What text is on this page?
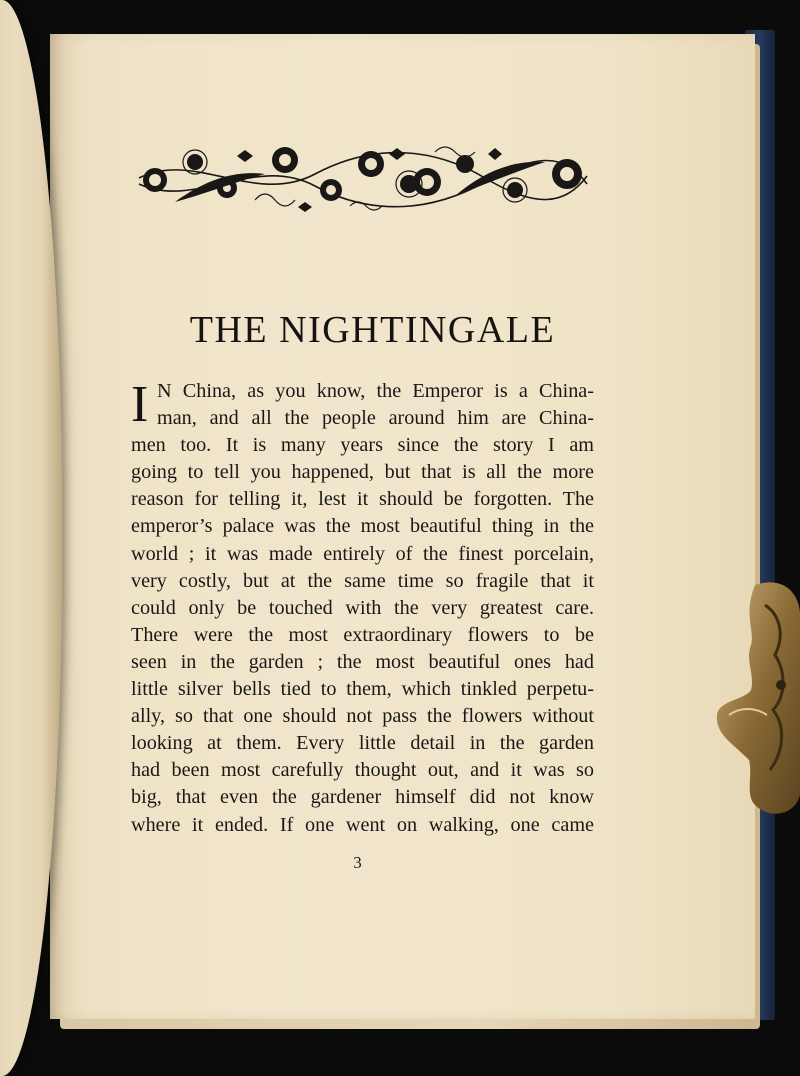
THE NIGHTINGALE
I N China, as you know, the Emperor is a China-
man, and all the people around him are China-
men too. It is many years since the story I am
going to tell you happened, but that is all the more
reason for telling it, lest it should be forgotten. The
emperor’s palace was the most beautiful thing in the
world ; it was made entirely of the finest porcelain,
very costly, but at the same time so fragile that it
could only be touched with the very greatest care.
There were the most extraordinary flowers to be
seen in the garden ; the most beautiful ones had
little silver bells tied to them, which tinkled perpetu-
ally, so that one should not pass the flowers without
looking at them. Every little detail in the garden
had been most carefully thought out, and it was so
big, that even the gardener himself did not know
where it ended. If one went on walking, one came
3
